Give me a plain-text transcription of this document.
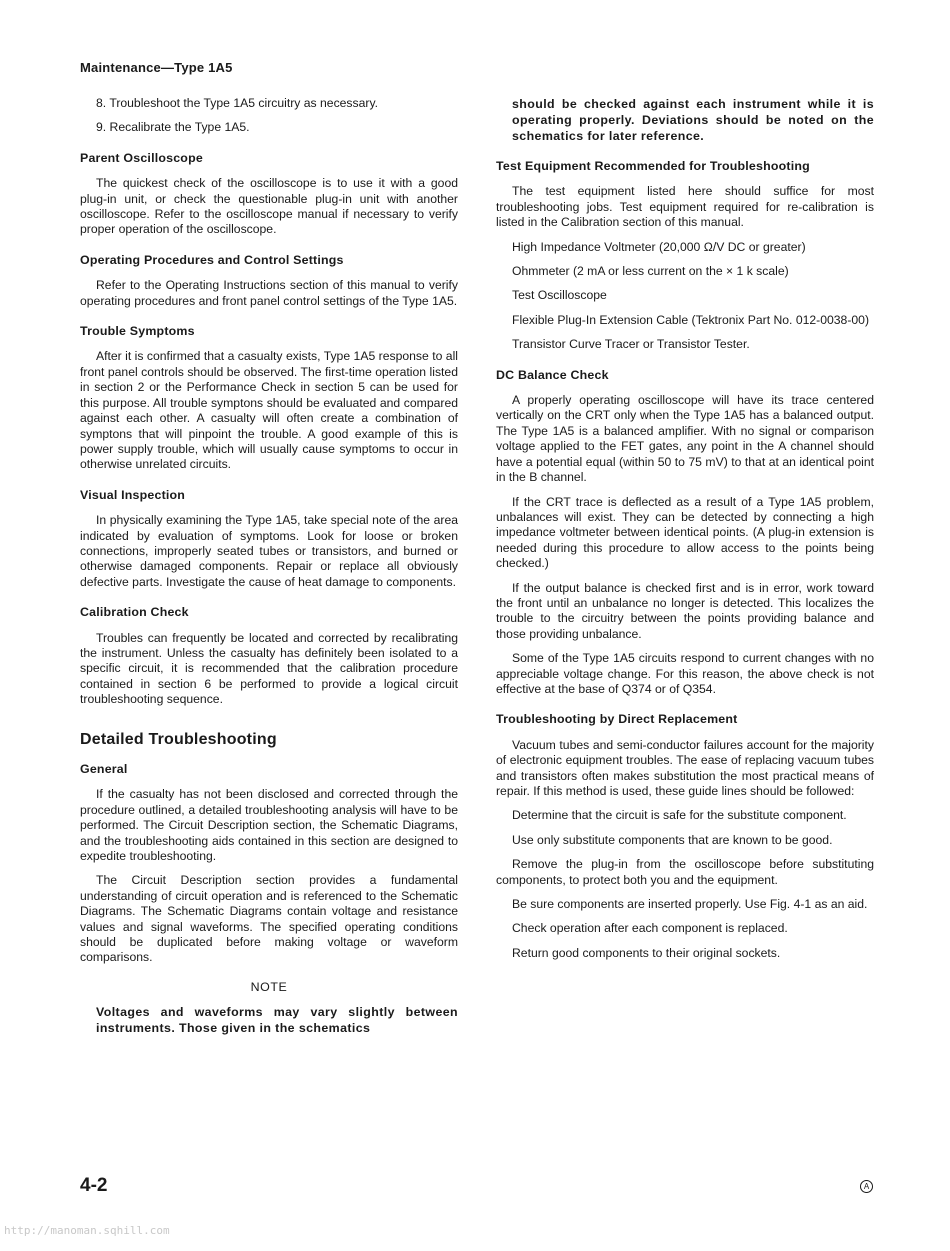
Maintenance—Type 1A5
8. Troubleshoot the Type 1A5 circuitry as necessary.
9. Recalibrate the Type 1A5.
Parent Oscilloscope

The quickest check of the oscilloscope is to use it with a good plug-in unit, or check the questionable plug-in unit with another oscilloscope. Refer to the oscilloscope manual if necessary to verify proper operation of the oscilloscope.

Operating Procedures and Control Settings

Refer to the Operating Instructions section of this manual to verify operating procedures and front panel control settings of the Type 1A5.

Trouble Symptoms

After it is confirmed that a casualty exists, Type 1A5 response to all front panel controls should be observed. The first-time operation listed in section 2 or the Performance Check in section 5 can be used for this purpose. All trouble symptons should be evaluated and compared against each other. A casualty will often create a combination of symptons that will pinpoint the trouble. A good example of this is power supply trouble, which will usually cause symptoms to occur in otherwise unrelated circuits.

Visual Inspection

In physically examining the Type 1A5, take special note of the area indicated by evaluation of symptoms. Look for loose or broken connections, improperly seated tubes or transistors, and burned or otherwise damaged components. Repair or replace all obviously defective parts. Investigate the cause of heat damage to components.

Calibration Check

Troubles can frequently be located and corrected by recalibrating the instrument. Unless the casualty has definitely been isolated to a specific circuit, it is recommended that the calibration procedure contained in section 6 be performed to provide a logical circuit troubleshooting sequence.

Detailed Troubleshooting
General

If the casualty has not been disclosed and corrected through the procedure outlined, a detailed troubleshooting analysis will have to be performed. The Circuit Description section, the Schematic Diagrams, and the troubleshooting aids contained in this section are designed to expedite troubleshooting.

The Circuit Description section provides a fundamental understanding of circuit operation and is referenced to the Schematic Diagrams. The Schematic Diagrams contain voltage and resistance values and signal waveforms. The specified operating conditions should be duplicated before making voltage or waveform comparisons.

NOTE
Voltages and waveforms may vary slightly between instruments. Those given in the schematics
should be checked against each instrument while it is operating properly. Deviations should be noted on the schematics for later reference.
Test Equipment Recommended for Troubleshooting

The test equipment listed here should suffice for most troubleshooting jobs. Test equipment required for re-calibration is listed in the Calibration section of this manual.

High Impedance Voltmeter (20,000 Ω/V DC or greater)
Ohmmeter (2 mA or less current on the × 1 k scale)
Test Oscilloscope
Flexible Plug-In Extension Cable (Tektronix Part No. 012-0038-00)
Transistor Curve Tracer or Transistor Tester.
DC Balance Check

A properly operating oscilloscope will have its trace centered vertically on the CRT only when the Type 1A5 has a balanced output. The Type 1A5 is a balanced amplifier. With no signal or comparison voltage applied to the FET gates, any point in the A channel should have a potential equal (within 50 to 75 mV) to that at an identical point in the B channel.

If the CRT trace is deflected as a result of a Type 1A5 problem, unbalances will exist. They can be detected by connecting a high impedance voltmeter between identical points. (A plug-in extension is needed during this procedure to allow access to the points being checked.)

If the output balance is checked first and is in error, work toward the front until an unbalance no longer is detected. This localizes the trouble to the circuitry between the points providing balance and those providing unbalance.

Some of the Type 1A5 circuits respond to current changes with no appreciable voltage change. For this reason, the above check is not effective at the base of Q374 or of Q354.

Troubleshooting by Direct Replacement

Vacuum tubes and semi-conductor failures account for the majority of electronic equipment troubles. The ease of replacing vacuum tubes and transistors often makes substitution the most practical means of repair. If this method is used, these guide lines should be followed:

Determine that the circuit is safe for the substitute component.

Use only substitute components that are known to be good.

Remove the plug-in from the oscilloscope before substituting components, to protect both you and the equipment.

Be sure components are inserted properly. Use Fig. 4-1 as an aid.

Check operation after each component is replaced.

Return good components to their original sockets.

4-2	A
http://manoman.sqhill.com
